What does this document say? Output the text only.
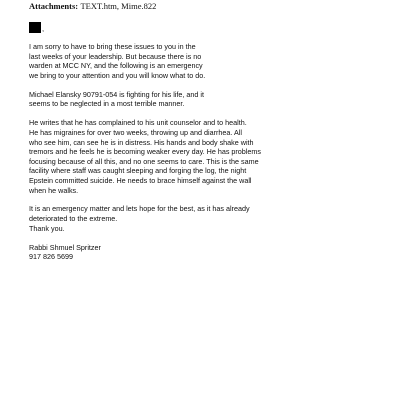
Attachments: TEXT.htm, Mime.822
,

I am sorry to have to bring these issues to you in the
last weeks of your leadership. But because there is no
warden at MCC NY, and the following is an emergency
we bring to your attention and you will know what to do.

Michael Elansky 90791-054 is fighting for his life, and it
seems to be neglected in a most terrible manner.

He writes that he has complained to his unit counselor and to health.
He has migraines for over two weeks, throwing up and diarrhea. All
who see him, can see he is in distress. His hands and body shake with
tremors and he feels he is becoming weaker every day. He has problems
focusing because of all this, and no one seems to care. This is the same
facility where staff was caught sleeping and forging the log, the night
Epstein committed suicide. He needs to brace himself against the wall
when he walks.

It is an emergency matter and lets hope for the best, as it has already
deteriorated to the extreme.
Thank you.

Rabbi Shmuel Spritzer
917 826 5699
